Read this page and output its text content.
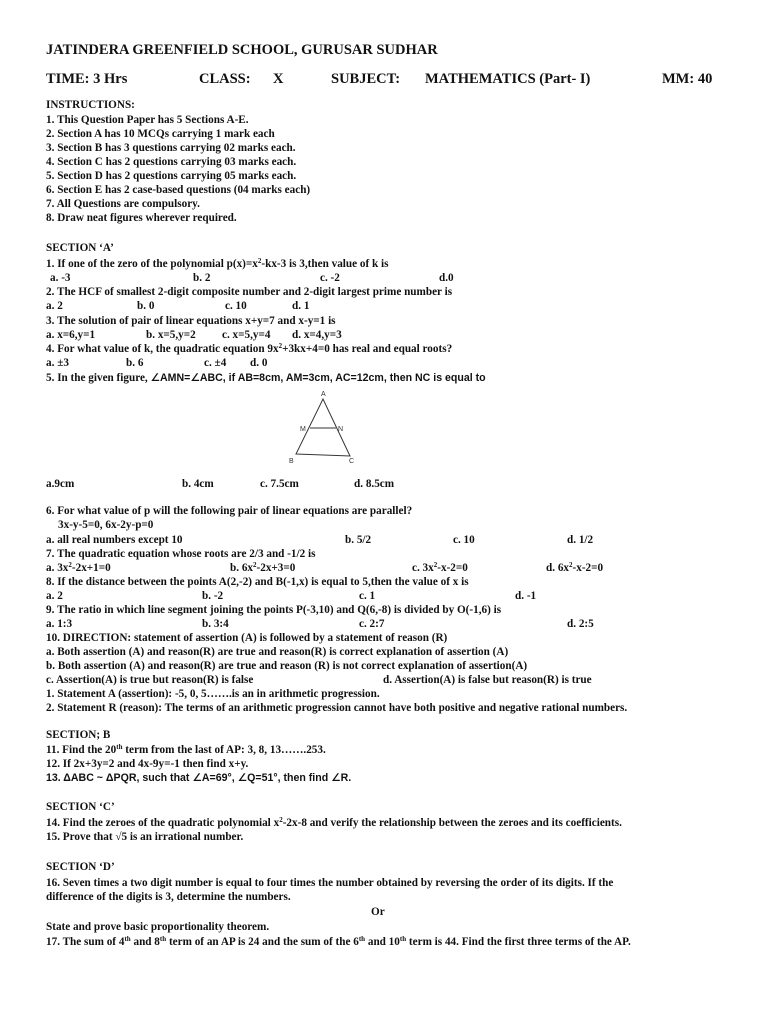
JATINDERA GREENFIELD SCHOOL, GURUSAR SUDHAR
TIME: 3 Hrs	CLASS: X	SUBJECT: MATHEMATICS (Part- I)	MM: 40
INSTRUCTIONS:
1. This Question Paper has 5 Sections A-E.
2. Section A has 10 MCQs carrying 1 mark each
3. Section B has 3 questions carrying 02 marks each.
4. Section C has 2 questions carrying 03 marks each.
5. Section D has 2 questions carrying 05 marks each.
6. Section E has 2 case-based questions (04 marks each)
7. All Questions are compulsory.
8. Draw neat figures wherever required.
SECTION ‘A’
1. If one of the zero of the polynomial $p(x)=x^2-kx-3$ is 3,then value of k is
a. -3	b. 2	c. -2	d.0
2. The HCF of smallest 2-digit composite number and 2-digit largest prime number is
a. 2	b. 0	c. 10	d. 1
3. The solution of pair of linear equations x+y=7 and x-y=1 is
a. x=6,y=1	b. x=5,y=2 c. x=5,y=4 d. x=4,y=3
4. For what value of k, the quadratic equation $9x^2+3kx+4=0$ has real and equal roots?
a. ±3	b. 6	c. ±4 d. 0
5. In the given figure, ∠AMN=∠ABC, if AB=8cm, AM=3cm, AC=12cm, then NC is equal to
A
M	N
B	C
a.9cm	b. 4cm	c. 7.5cm	d. 8.5cm
6. For what value of p will the following pair of linear equations are parallel?
3x-y-5=0, 6x-2y-p=0
a. all real numbers except 10	b. 5/2	c. 10	d. 1/2
7. The quadratic equation whose roots are 2/3 and -1/2 is
a. $3x^2-2x+1=0$	b. $6x^2-2x+3=0$	c. $3x^2-x-2=0$	d. $6x^2-x-2=0$
8. If the distance between the points A(2,-2) and B(-1,x) is equal to 5,then the value of x is
a. 2	b. -2	c. 1	d. -1
9. The ratio in which line segment joining the points P(-3,10) and Q(6,-8) is divided by O(-1,6) is
a. 1:3	b. 3:4	c. 2:7	d. 2:5
10. DIRECTION: statement of assertion (A) is followed by a statement of reason (R)
a. Both assertion (A) and reason(R) are true and reason(R) is correct explanation of assertion (A)
b. Both assertion (A) and reason(R) are true and reason (R) is not correct explanation of assertion(A)
c. Assertion(A) is true but reason(R) is false	d. Assertion(A) is false but reason(R) is true
1. Statement A (assertion): -5, 0, 5…….is an in arithmetic progression.
2. Statement R (reason): The terms of an arithmetic progression cannot have both positive and negative rational numbers.
SECTION; B
11. Find the 20th term from the last of AP: 3, 8, 13…….253.
12. If 2x+3y=2 and 4x-9y=-1 then find x+y.
13. ΔABC ~ ΔPQR, such that ∠A=69°, ∠Q=51°, then find ∠R.
SECTION ‘C’
14. Find the zeroes of the quadratic polynomial $x^2-2x-8$ and verify the relationship between the zeroes and its coefficients.
15. Prove that √5 is an irrational number.
SECTION ‘D’
16. Seven times a two digit number is equal to four times the number obtained by reversing the order of its digits. If the
difference of the digits is 3, determine the numbers.
Or
State and prove basic proportionality theorem.
17. The sum of 4th and 8th term of an AP is 24 and the sum of the 6th and 10th term is 44. Find the first three terms of the AP.
